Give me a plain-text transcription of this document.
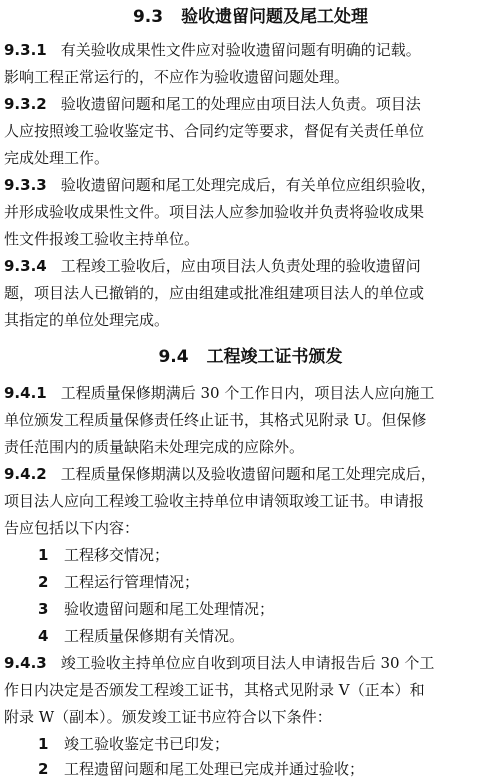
9.3 验收遗留问题及尾工处理
9.3.1 有关验收成果性文件应对验收遗留问题有明确的记载。
影响工程正常运行的，不应作为验收遗留问题处理。
9.3.2 验收遗留问题和尾工的处理应由项目法人负责。项目法
人应按照竣工验收鉴定书、合同约定等要求，督促有关责任单位
完成处理工作。
9.3.3 验收遗留问题和尾工处理完成后，有关单位应组织验收，
并形成验收成果性文件。项目法人应参加验收并负责将验收成果
性文件报竣工验收主持单位。
9.3.4 工程竣工验收后，应由项目法人负责处理的验收遗留问
题，项目法人已撤销的，应由组建或批准组建项目法人的单位或
其指定的单位处理完成。
9.4 工程竣工证书颁发
9.4.1 工程质量保修期满后 30 个工作日内，项目法人应向施工
单位颁发工程质量保修责任终止证书，其格式见附录 U。但保修
责任范围内的质量缺陷未处理完成的应除外。
9.4.2 工程质量保修期满以及验收遗留问题和尾工处理完成后，
项目法人应向工程竣工验收主持单位申请领取竣工证书。申请报
告应包括以下内容：
1 工程移交情况；
2 工程运行管理情况；
3 验收遗留问题和尾工处理情况；
4 工程质量保修期有关情况。
9.4.3 竣工验收主持单位应自收到项目法人申请报告后 30 个工
作日内决定是否颁发工程竣工证书，其格式见附录 V（正本）和
附录 W（副本）。颁发竣工证书应符合以下条件：
1 竣工验收鉴定书已印发；
2 工程遗留问题和尾工处理已完成并通过验收；
